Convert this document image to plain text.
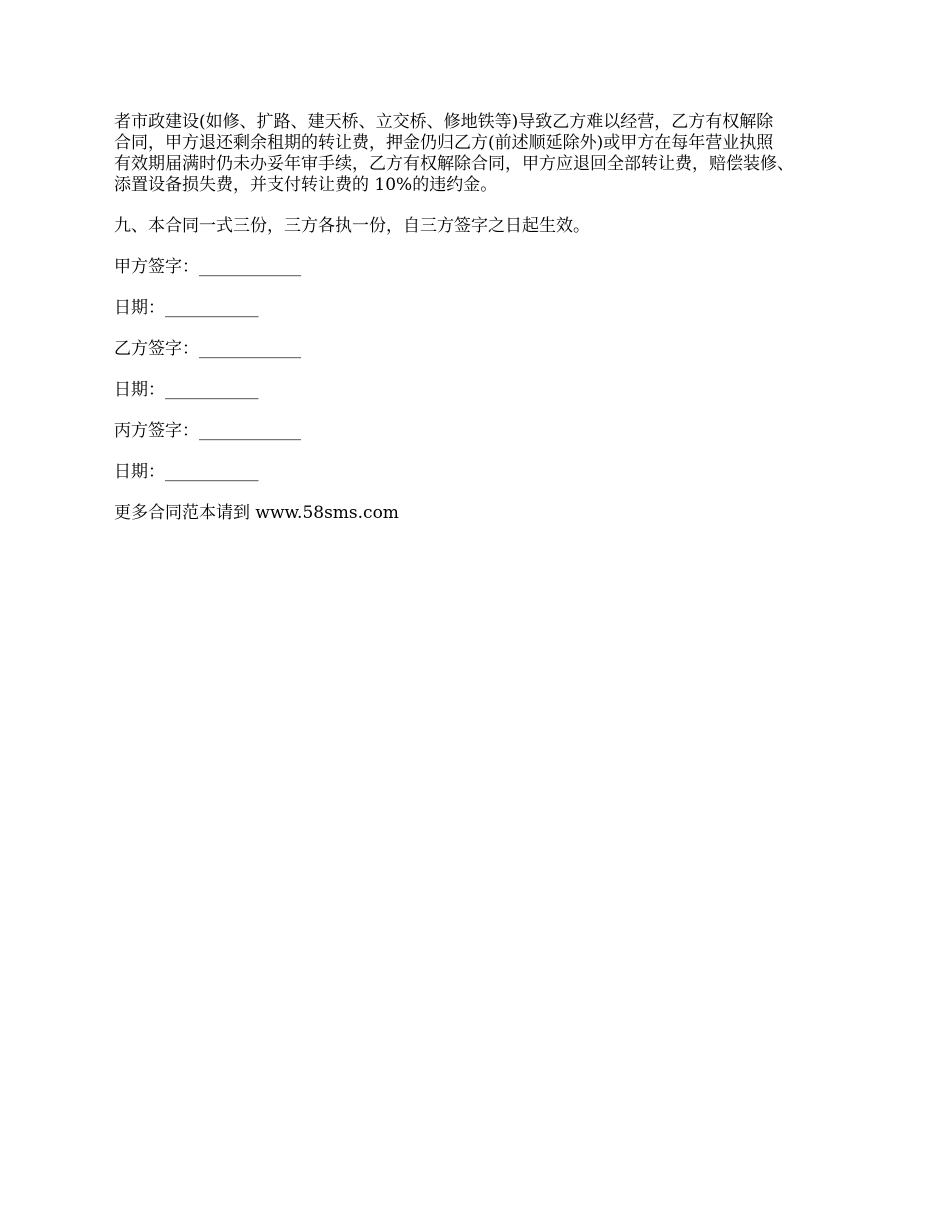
者市政建设(如修、扩路、建天桥、立交桥、修地铁等)导致乙方难以经营，乙方有权解除
合同，甲方退还剩余租期的转让费，押金仍归乙方(前述顺延除外)或甲方在每年营业执照
有效期届满时仍未办妥年审手续，乙方有权解除合同，甲方应退回全部转让费，赔偿装修、
添置设备损失费，并支付转让费的 10%的违约金。
九、本合同一式三份，三方各执一份，自三方签字之日起生效。
甲方签字：____________
日期：___________
乙方签字：____________
日期：___________
丙方签字：____________
日期：___________
更多合同范本请到 www.58sms.com
